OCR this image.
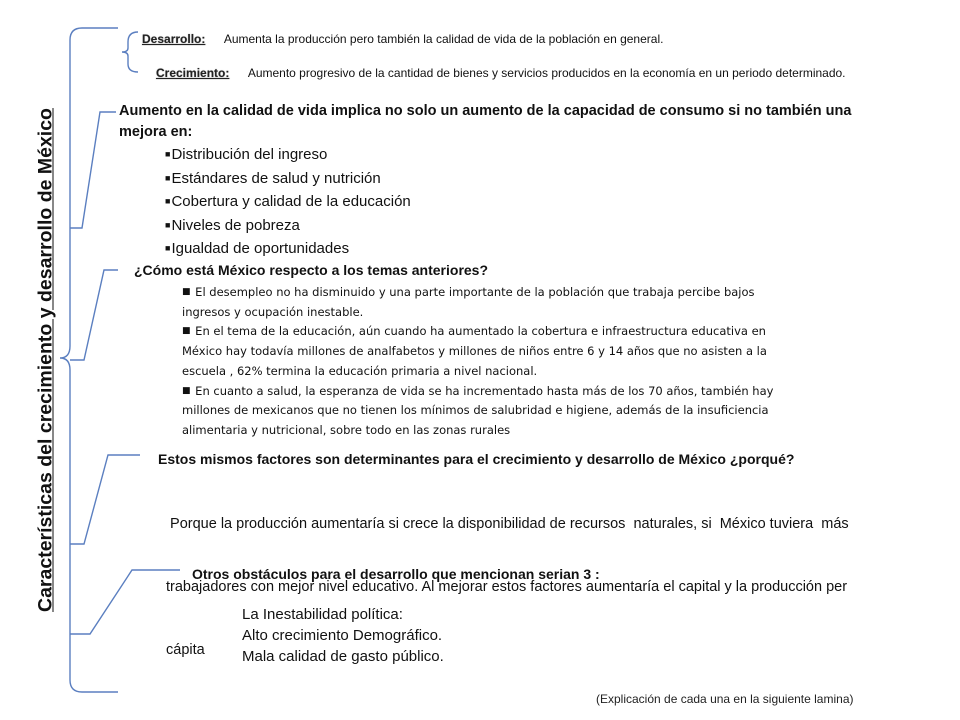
Características del crecimiento y desarrollo de México
Desarrollo: Aumenta la producción pero también la calidad de vida de la población en general.
Crecimiento: Aumento progresivo de la cantidad de bienes y servicios producidos en la economía en un periodo determinado.
Aumento en la calidad de vida implica no solo un aumento de la capacidad de consumo si no también una
mejora en:
■Distribución del ingreso
■Estándares de salud y nutrición
■Cobertura y calidad de la educación
■Niveles de pobreza
■Igualdad de oportunidades
¿Cómo está México respecto a los temas anteriores?
■ El desempleo no ha disminuido y una parte importante de la población que trabaja percibe bajos
ingresos y ocupación inestable.
■ En el tema de la educación, aún cuando ha aumentado la cobertura e infraestructura educativa en
México hay todavía millones de analfabetos y millones de niños entre 6 y 14 años que no asisten a la
escuela , 62% termina la educación primaria a nivel nacional.
■ En cuanto a salud, la esperanza de vida se ha incrementado hasta más de los 70 años, también hay
millones de mexicanos que no tienen los mínimos de salubridad e higiene, además de la insuficiencia
alimentaria y nutricional, sobre todo en las zonas rurales
Estos mismos factores son determinantes para el crecimiento y desarrollo de México ¿porqué?

Porque la producción aumentaría si crece la disponibilidad de recursos  naturales, si  México tuviera  más

trabajadores con mejor nivel educativo. Al mejorar estos factores aumentaría el capital y la producción per

cápita

Otros obstáculos para el desarrollo que mencionan serian 3 :
La Inestabilidad política:
Alto crecimiento Demográfico.
Mala calidad de gasto público.
(Explicación de cada una en la siguiente lamina)
